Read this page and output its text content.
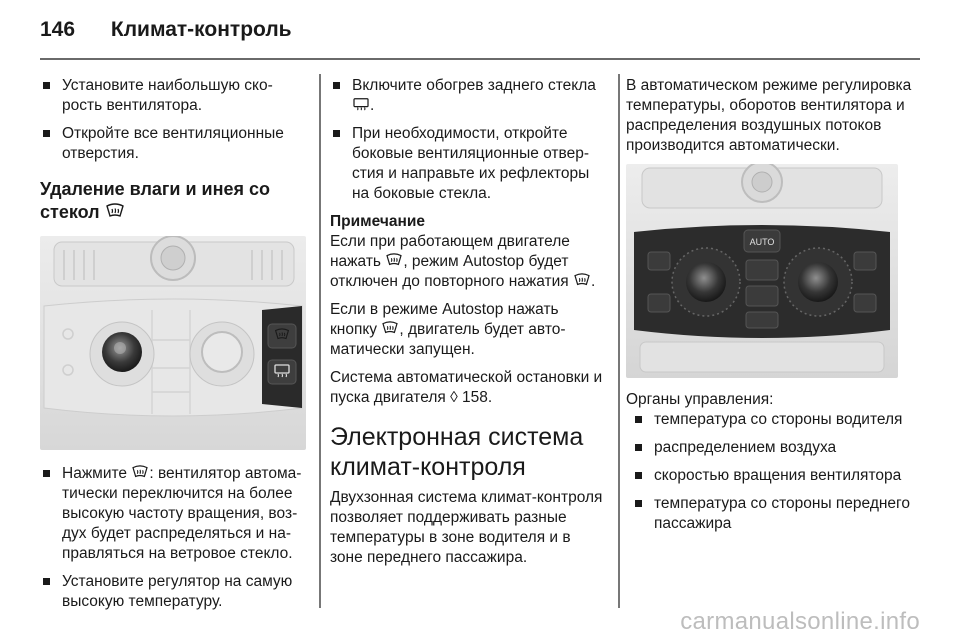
146 Климат-контроль
Установите наибольшую скорость вентилятора.
Откройте все вентиляционные отверстия.
Удаление влаги и инея со стекол
Нажмите : вентилятор автоматически переключится на более высокую частоту вращения, воздух будет распределяться и направляться на ветровое стекло.
Установите регулятор на самую высокую температуру.
Включите обогрев заднего стекла .
При необходимости, откройте боковые вентиляционные отверстия и направьте их рефлекторы на боковые стекла.
Примечание

Если при работающем двигателе нажать , режим Autostop будет отключен до повторного нажатия .

Если в режиме Autostop нажать кнопку , двигатель будет автоматически запущен.

Система автоматической остановки и пуска двигателя ◊ 158.

Электронная система климат-контроля

Двухзонная система климат-контроля позволяет поддерживать разные температуры в зоне водителя и в зоне переднего пассажира.

В автоматическом режиме регулировка температуры, оборотов вентилятора и распределения воздушных потоков производится автоматически.

AUTO
Органы управления:
температура со стороны водителя
распределением воздуха
скоростью вращения вентилятора
температура со стороны переднего пассажира
carmanualsonline.info
